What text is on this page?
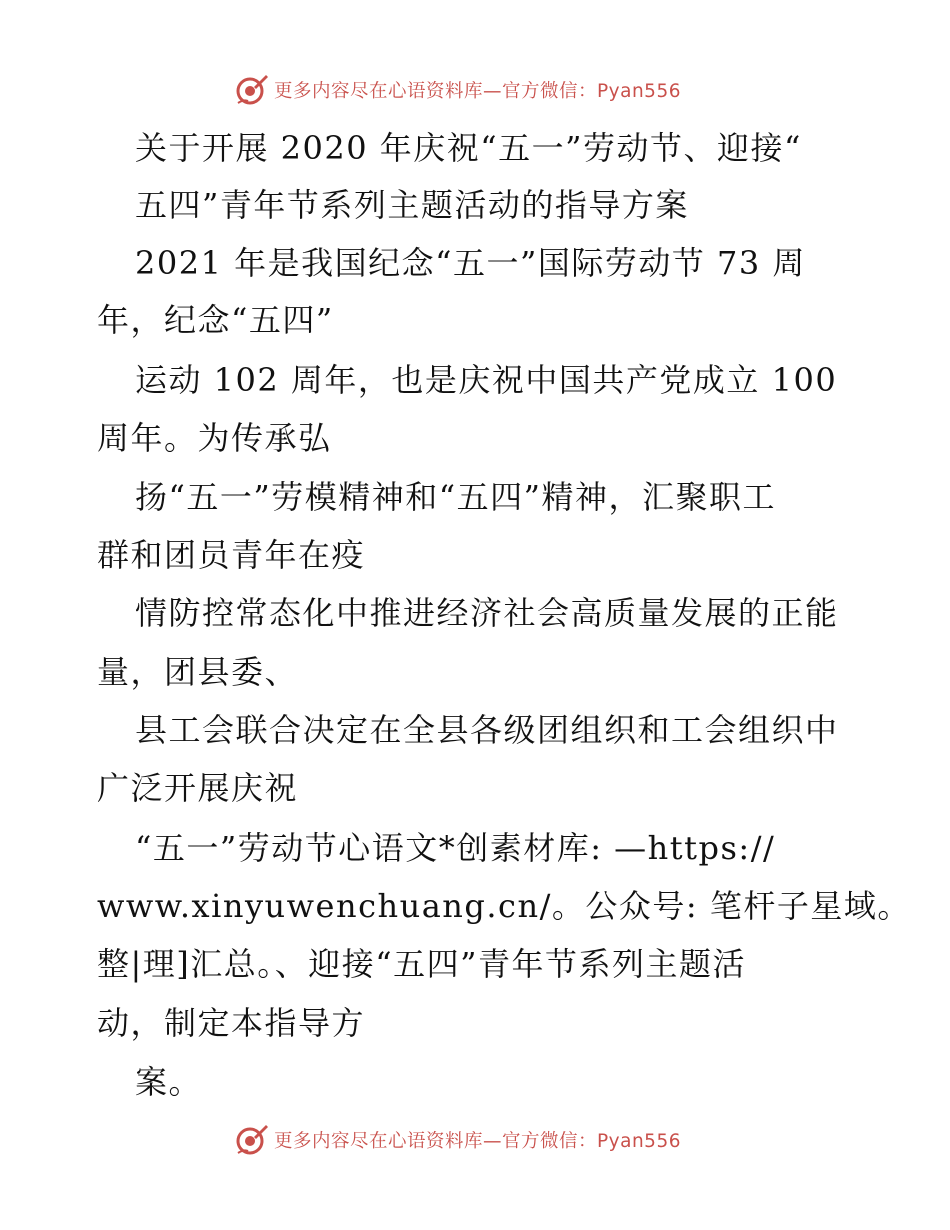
更多内容尽在心语资料库—官方微信：Pyan556
关于开展 2020 年庆祝“五一”劳动节、迎接“
五四”青年节系列主题活动的指导方案
2021 年是我国纪念“五一”国际劳动节 73 周
年，纪念“五四”
运动 102 周年，也是庆祝中国共产党成立 100
周年。为传承弘
扬“五一”劳模精神和“五四”精神，汇聚职工
群和团员青年在疫
情防控常态化中推进经济社会高质量发展的正能
量，团县委、
县工会联合决定在全县各级团组织和工会组织中
广泛开展庆祝
“五一”劳动节心语文*创素材库: —https://
www.xinyuwenchuang.cn/。公众号: 笔杆子星域。
整|理]汇总。、迎接“五四”青年节系列主题活
动，制定本指导方
案。
更多内容尽在心语资料库—官方微信：Pyan556
